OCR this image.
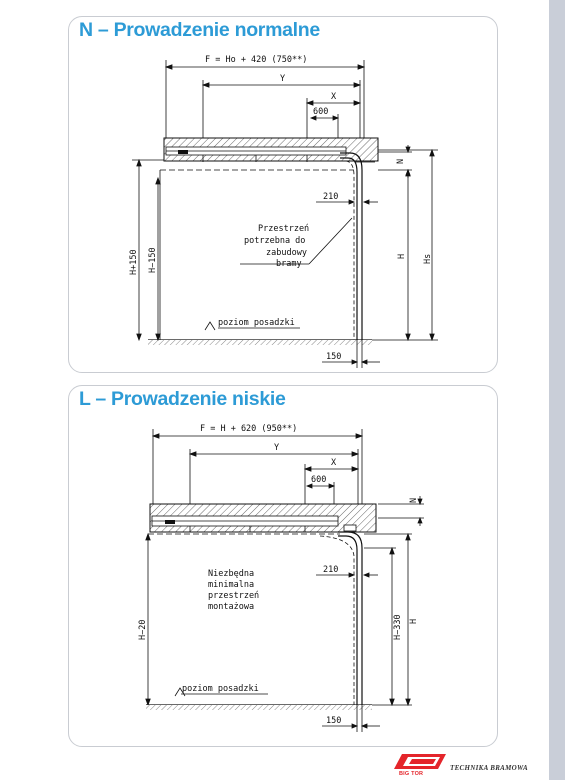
N – Prowadzenie normalne
L – Prowadzenie niskie
F = Ho + 420 (750**)
Y
X
600
N
210
H Hs
H+150 H−150
150
Przestrzeń
potrzebna do
zabudowy
bramy
poziom posadzki
F = H + 620 (950**)
Y
X
600
N
210
H
H−330
H−20
150
Niezbędna
minimalna
przestrzeń
montażowa
poziom posadzki
BIG TOR
TECHNIKA BRAMOWA
